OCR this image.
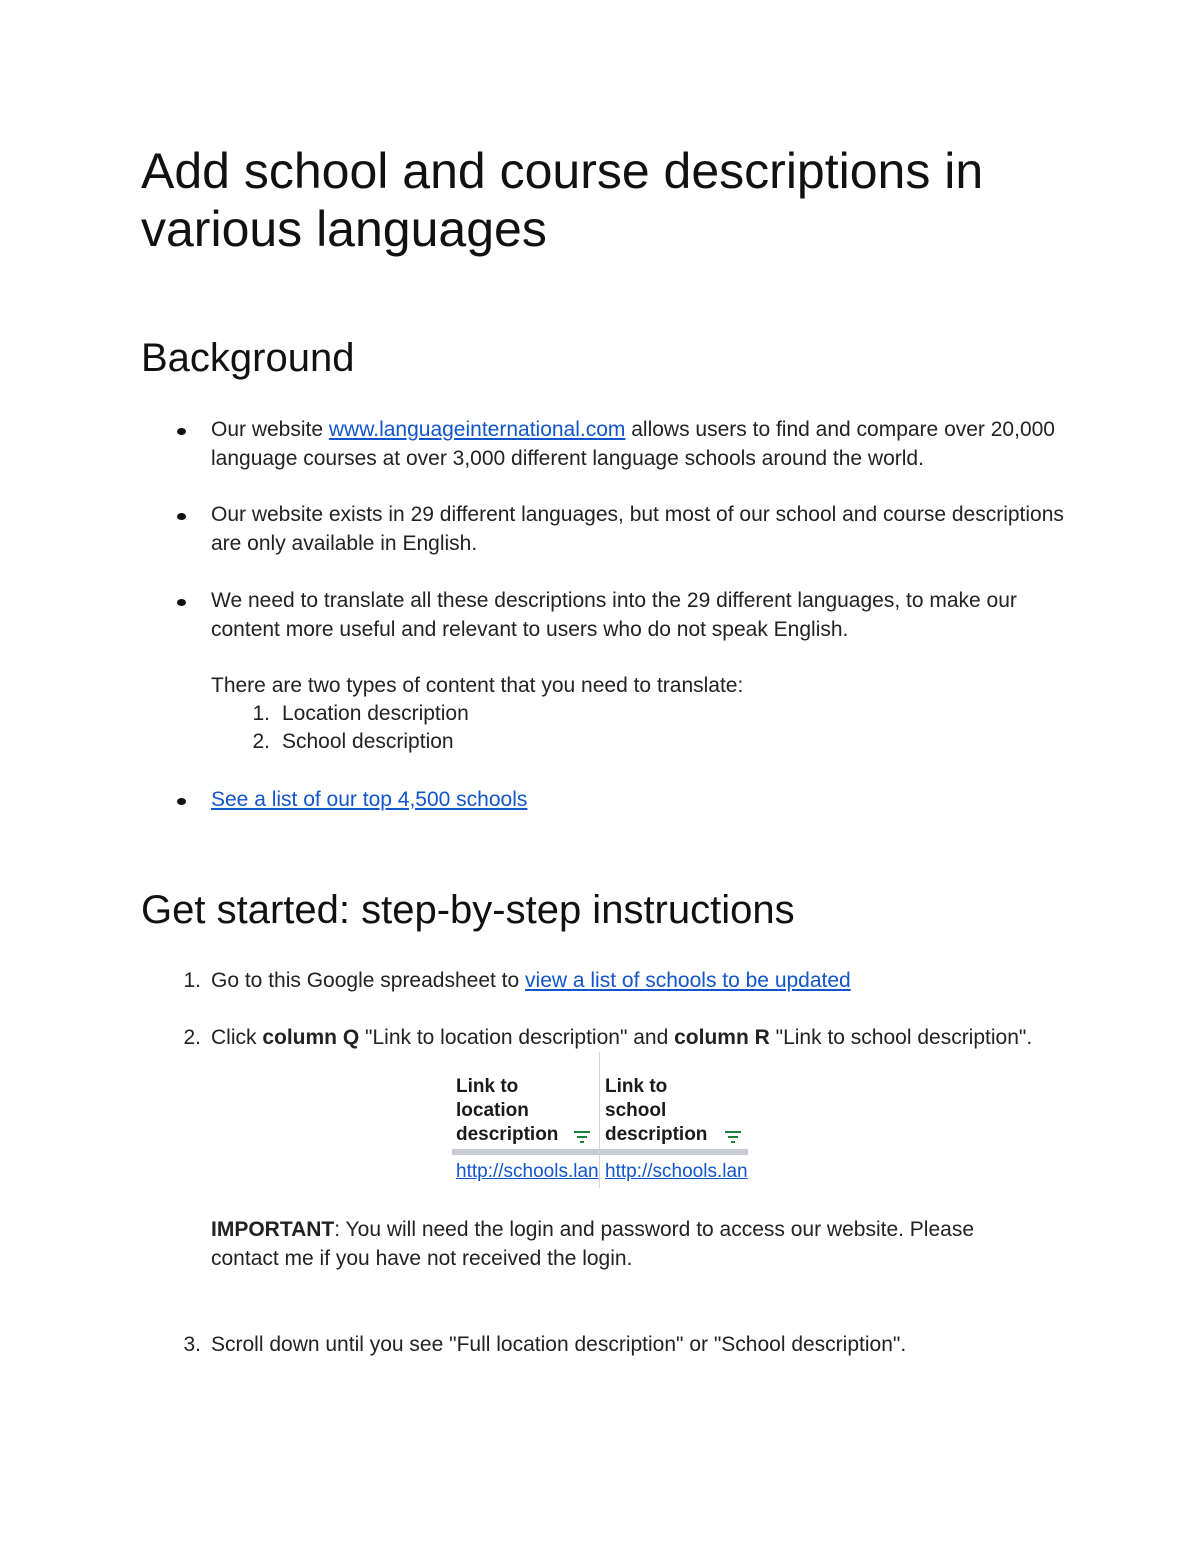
Add school and course descriptions in various languages
Background
Our website www.languageinternational.com allows users to find and compare over 20,000 language courses at over 3,000 different language schools around the world.
Our website exists in 29 different languages, but most of our school and course descriptions are only available in English.
We need to translate all these descriptions into the 29 different languages, to make our content more useful and relevant to users who do not speak English.
There are two types of content that you need to translate:
1. Location description
2. School description
See a list of our top 4,500 schools
Get started: step-by-step instructions
1. Go to this Google spreadsheet to view a list of schools to be updated
2. Click column Q "Link to location description" and column R "Link to school description".
Link to location description
Link to school description
http://schools.lan http://schools.lan
IMPORTANT: You will need the login and password to access our website. Please contact me if you have not received the login.
3. Scroll down until you see "Full location description" or "School description".
